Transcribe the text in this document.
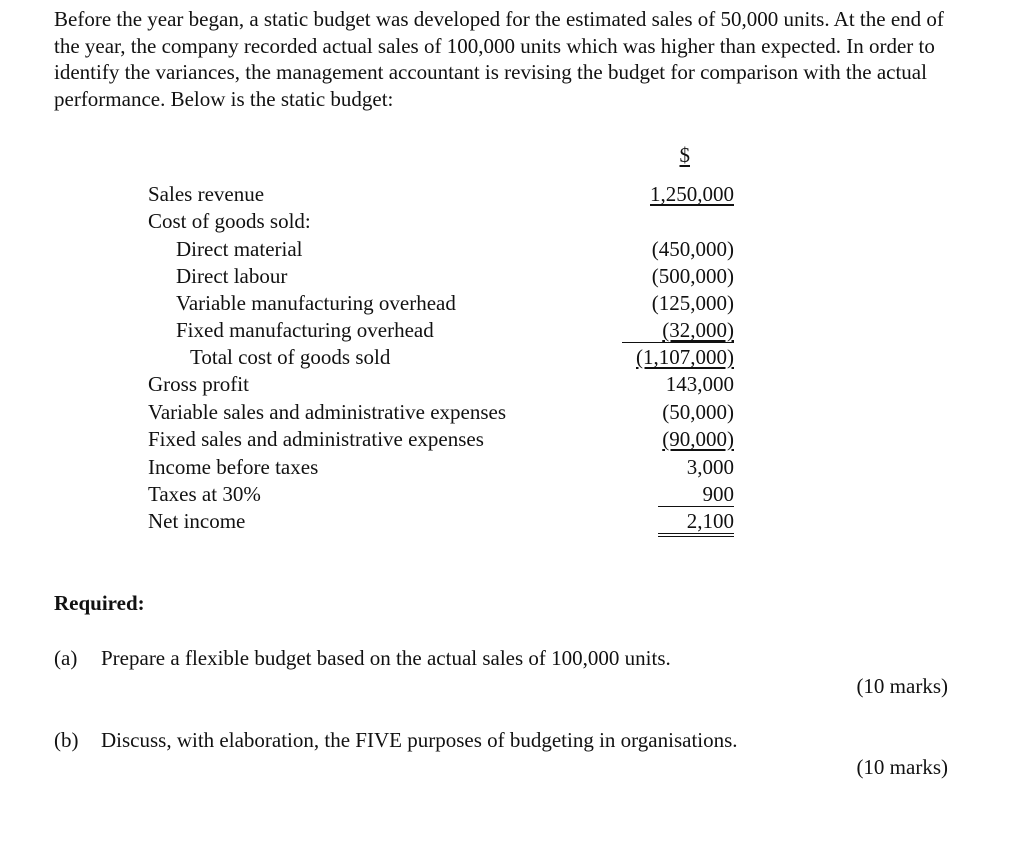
Before the year began, a static budget was developed for the estimated sales of 50,000 units. At the end of the year, the company recorded actual sales of 100,000 units which was higher than expected. In order to identify the variances, the management accountant is revising the budget for comparison with the actual performance. Below is the static budget:

$
Sales revenue	1,250,000
Cost of goods sold:
Direct material	(450,000)
Direct labour	(500,000)
Variable manufacturing overhead	(125,000)
Fixed manufacturing overhead	(32,000)
Total cost of goods sold	(1,107,000)
Gross profit	143,000
Variable sales and administrative expenses	(50,000)
Fixed sales and administrative expenses	(90,000)
Income before taxes	3,000
Taxes at 30%	900
Net income	2,100
Required:
(a) Prepare a flexible budget based on the actual sales of 100,000 units.
(10 marks)
(b) Discuss, with elaboration, the FIVE purposes of budgeting in organisations.
(10 marks)
